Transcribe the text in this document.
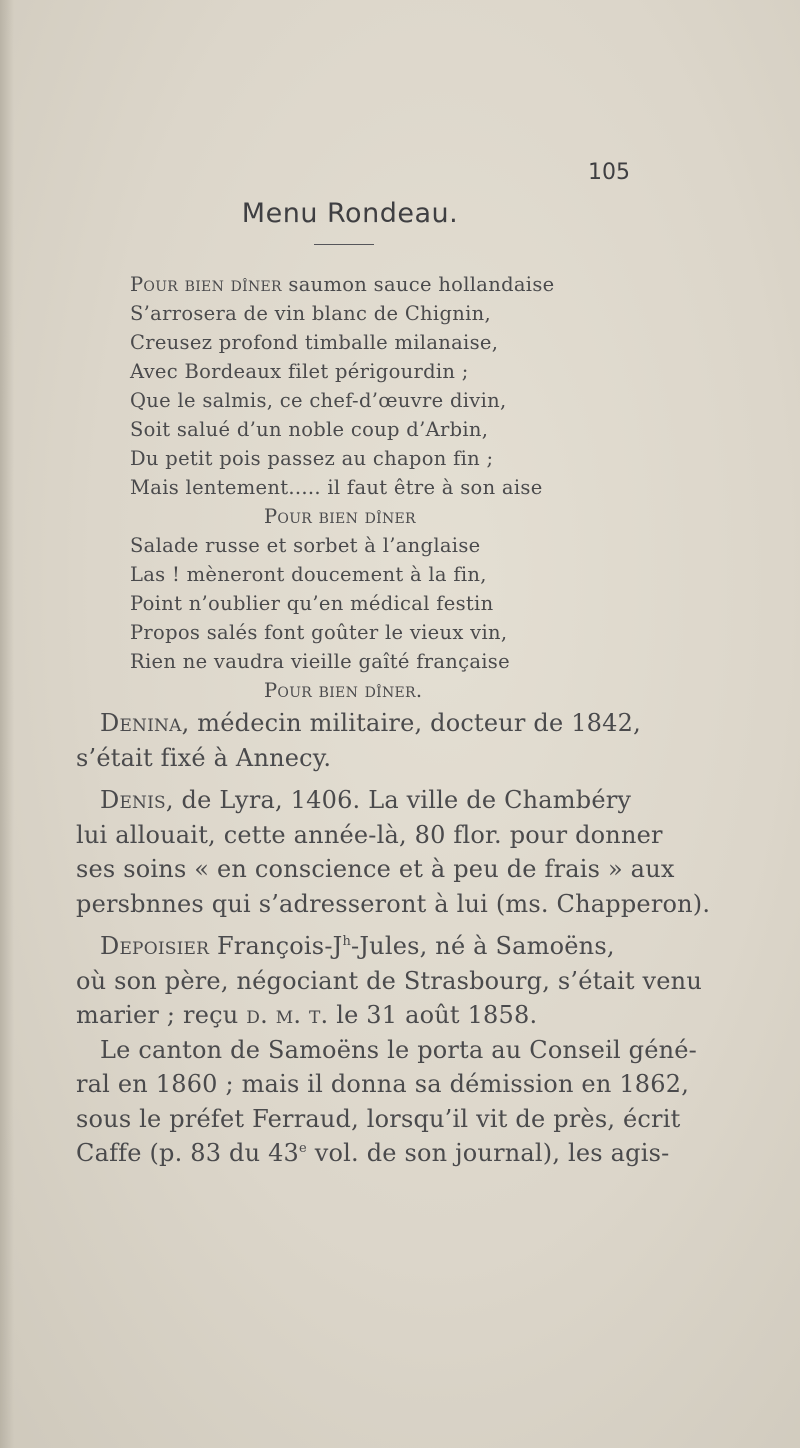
105
Menu Rondeau.
Pour bien dîner saumon sauce hollandaise
S’arrosera de vin blanc de Chignin,
Creusez profond timballe milanaise,
Avec Bordeaux filet périgourdin ;
Que le salmis, ce chef-d’œuvre divin,
Soit salué d’un noble coup d’Arbin,
Du petit pois passez au chapon fin ;
Mais lentement..... il faut être à son aise
Pour bien dîner
Salade russe et sorbet à l’anglaise
Las ! mèneront doucement à la fin,
Point n’oublier qu’en médical festin
Propos salés font goûter le vieux vin,
Rien ne vaudra vieille gaîté française
Pour bien dîner.
Denina, médecin militaire, docteur de 1842,
s’était fixé à Annecy.
Denis, de Lyra, 1406. La ville de Chambéry
lui allouait, cette année-là, 80 flor. pour donner
ses soins « en conscience et à peu de frais » aux
persbnnes qui s’adresseront à lui (ms. Chapperon).
Depoisier François-$J^h$-Jules, né à Samoëns,
où son père, négociant de Strasbourg, s’était venu
marier ; reçu d. m. t. le 31 août 1858.
Le canton de Samoëns le porta au Conseil géné-
ral en 1860 ; mais il donna sa démission en 1862,
sous le préfet Ferraud, lorsqu’il vit de près, écrit
Caffe (p. 83 du 43e vol. de son journal), les agis-
